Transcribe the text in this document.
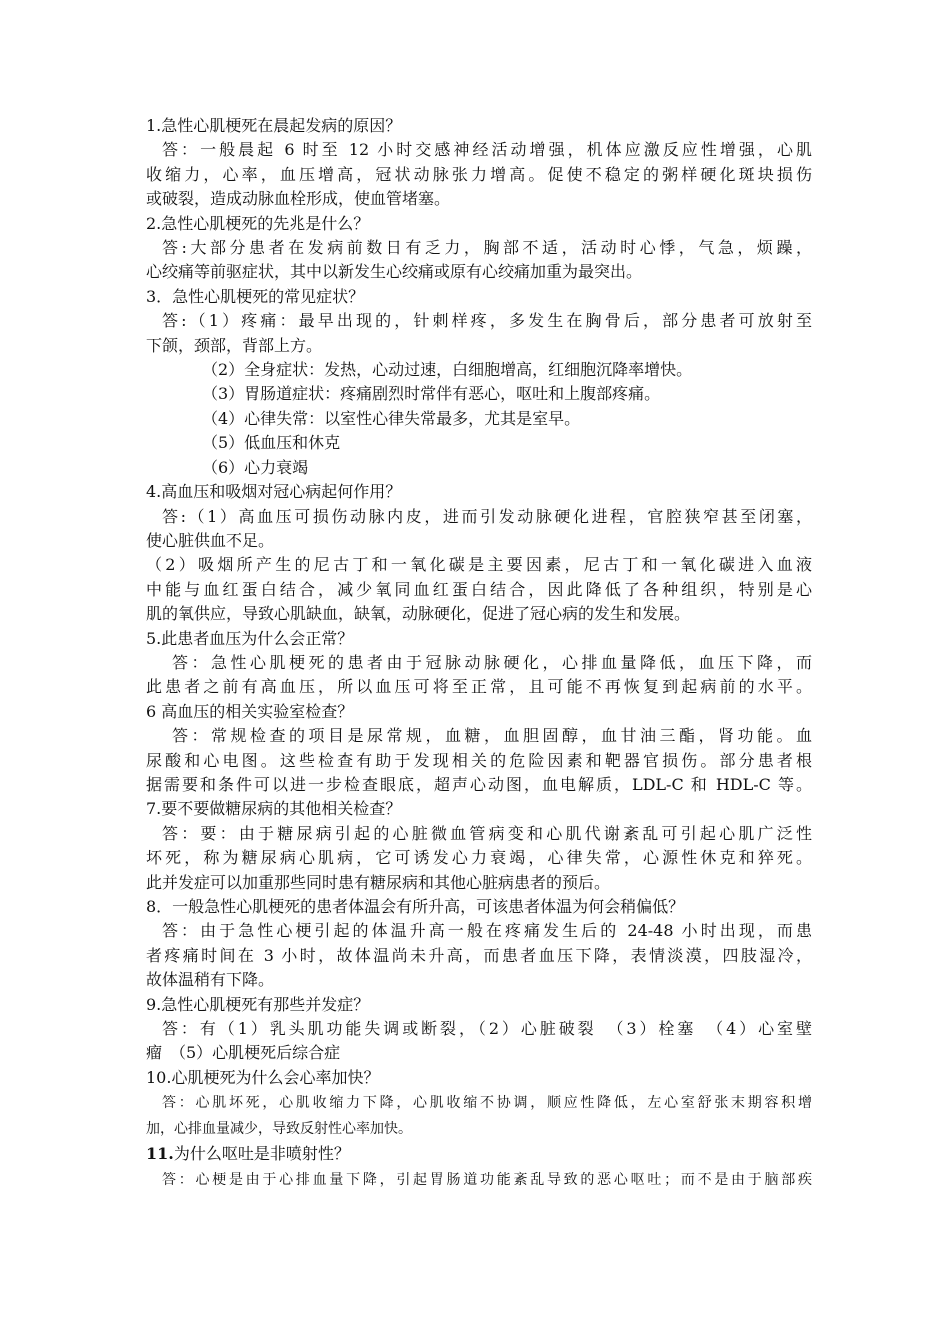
1.急性心肌梗死在晨起发病的原因？
答：一般晨起 6 时至 12 小时交感神经活动增强，机体应激反应性增强，心肌
收缩力，心率，血压增高，冠状动脉张力增高。促使不稳定的粥样硬化斑块损伤
或破裂，造成动脉血栓形成，使血管堵塞。
2.急性心肌梗死的先兆是什么？
答:大部分患者在发病前数日有乏力，胸部不适，活动时心悸，气急，烦躁，
心绞痛等前驱症状，其中以新发生心绞痛或原有心绞痛加重为最突出。
3．急性心肌梗死的常见症状？
答:（1）疼痛：最早出现的，针刺样疼，多发生在胸骨后，部分患者可放射至
下颌，颈部，背部上方。
（2）全身症状：发热，心动过速，白细胞增高，红细胞沉降率增快。
（3）胃肠道症状：疼痛剧烈时常伴有恶心，呕吐和上腹部疼痛。
（4）心律失常：以室性心律失常最多，尤其是室早。
（5）低血压和休克
（6）心力衰竭
4.高血压和吸烟对冠心病起何作用？
答:（1）高血压可损伤动脉内皮，进而引发动脉硬化进程，官腔狭窄甚至闭塞，
使心脏供血不足。
（2）吸烟所产生的尼古丁和一氧化碳是主要因素，尼古丁和一氧化碳进入血液
中能与血红蛋白结合，减少氧同血红蛋白结合，因此降低了各种组织，特别是心
肌的氧供应，导致心肌缺血，缺氧，动脉硬化，促进了冠心病的发生和发展。
5.此患者血压为什么会正常？
答：急性心肌梗死的患者由于冠脉动脉硬化，心排血量降低，血压下降，而
此患者之前有高血压，所以血压可将至正常，且可能不再恢复到起病前的水平。
6 高血压的相关实验室检查？
答：常规检查的项目是尿常规，血糖，血胆固醇，血甘油三酯，肾功能。血
尿酸和心电图。这些检查有助于发现相关的危险因素和靶器官损伤。部分患者根
据需要和条件可以进一步检查眼底，超声心动图，血电解质，LDL-C 和 HDL-C 等。
7.要不要做糖尿病的其他相关检查？
答：要：由于糖尿病引起的心脏微血管病变和心肌代谢紊乱可引起心肌广泛性
坏死，称为糖尿病心肌病，它可诱发心力衰竭，心律失常，心源性休克和猝死。
此并发症可以加重那些同时患有糖尿病和其他心脏病患者的预后。
8．一般急性心肌梗死的患者体温会有所升高，可该患者体温为何会稍偏低？
答：由于急性心梗引起的体温升高一般在疼痛发生后的 24-48 小时出现，而患
者疼痛时间在 3 小时，故体温尚未升高，而患者血压下降，表情淡漠，四肢湿冷，
故体温稍有下降。
9.急性心肌梗死有那些并发症？
答：有（1）乳头肌功能失调或断裂，（2）心脏破裂　（3）栓塞　（4）心室壁
瘤　（5）心肌梗死后综合症
10.心肌梗死为什么会心率加快？
答：心肌坏死，心肌收缩力下降，心肌收缩不协调，顺应性降低，左心室舒张末期容积增
加，心排血量减少，导致反射性心率加快。
11.为什么呕吐是非喷射性？
答：心梗是由于心排血量下降，引起胃肠道功能紊乱导致的恶心呕吐；而不是由于脑部疾
